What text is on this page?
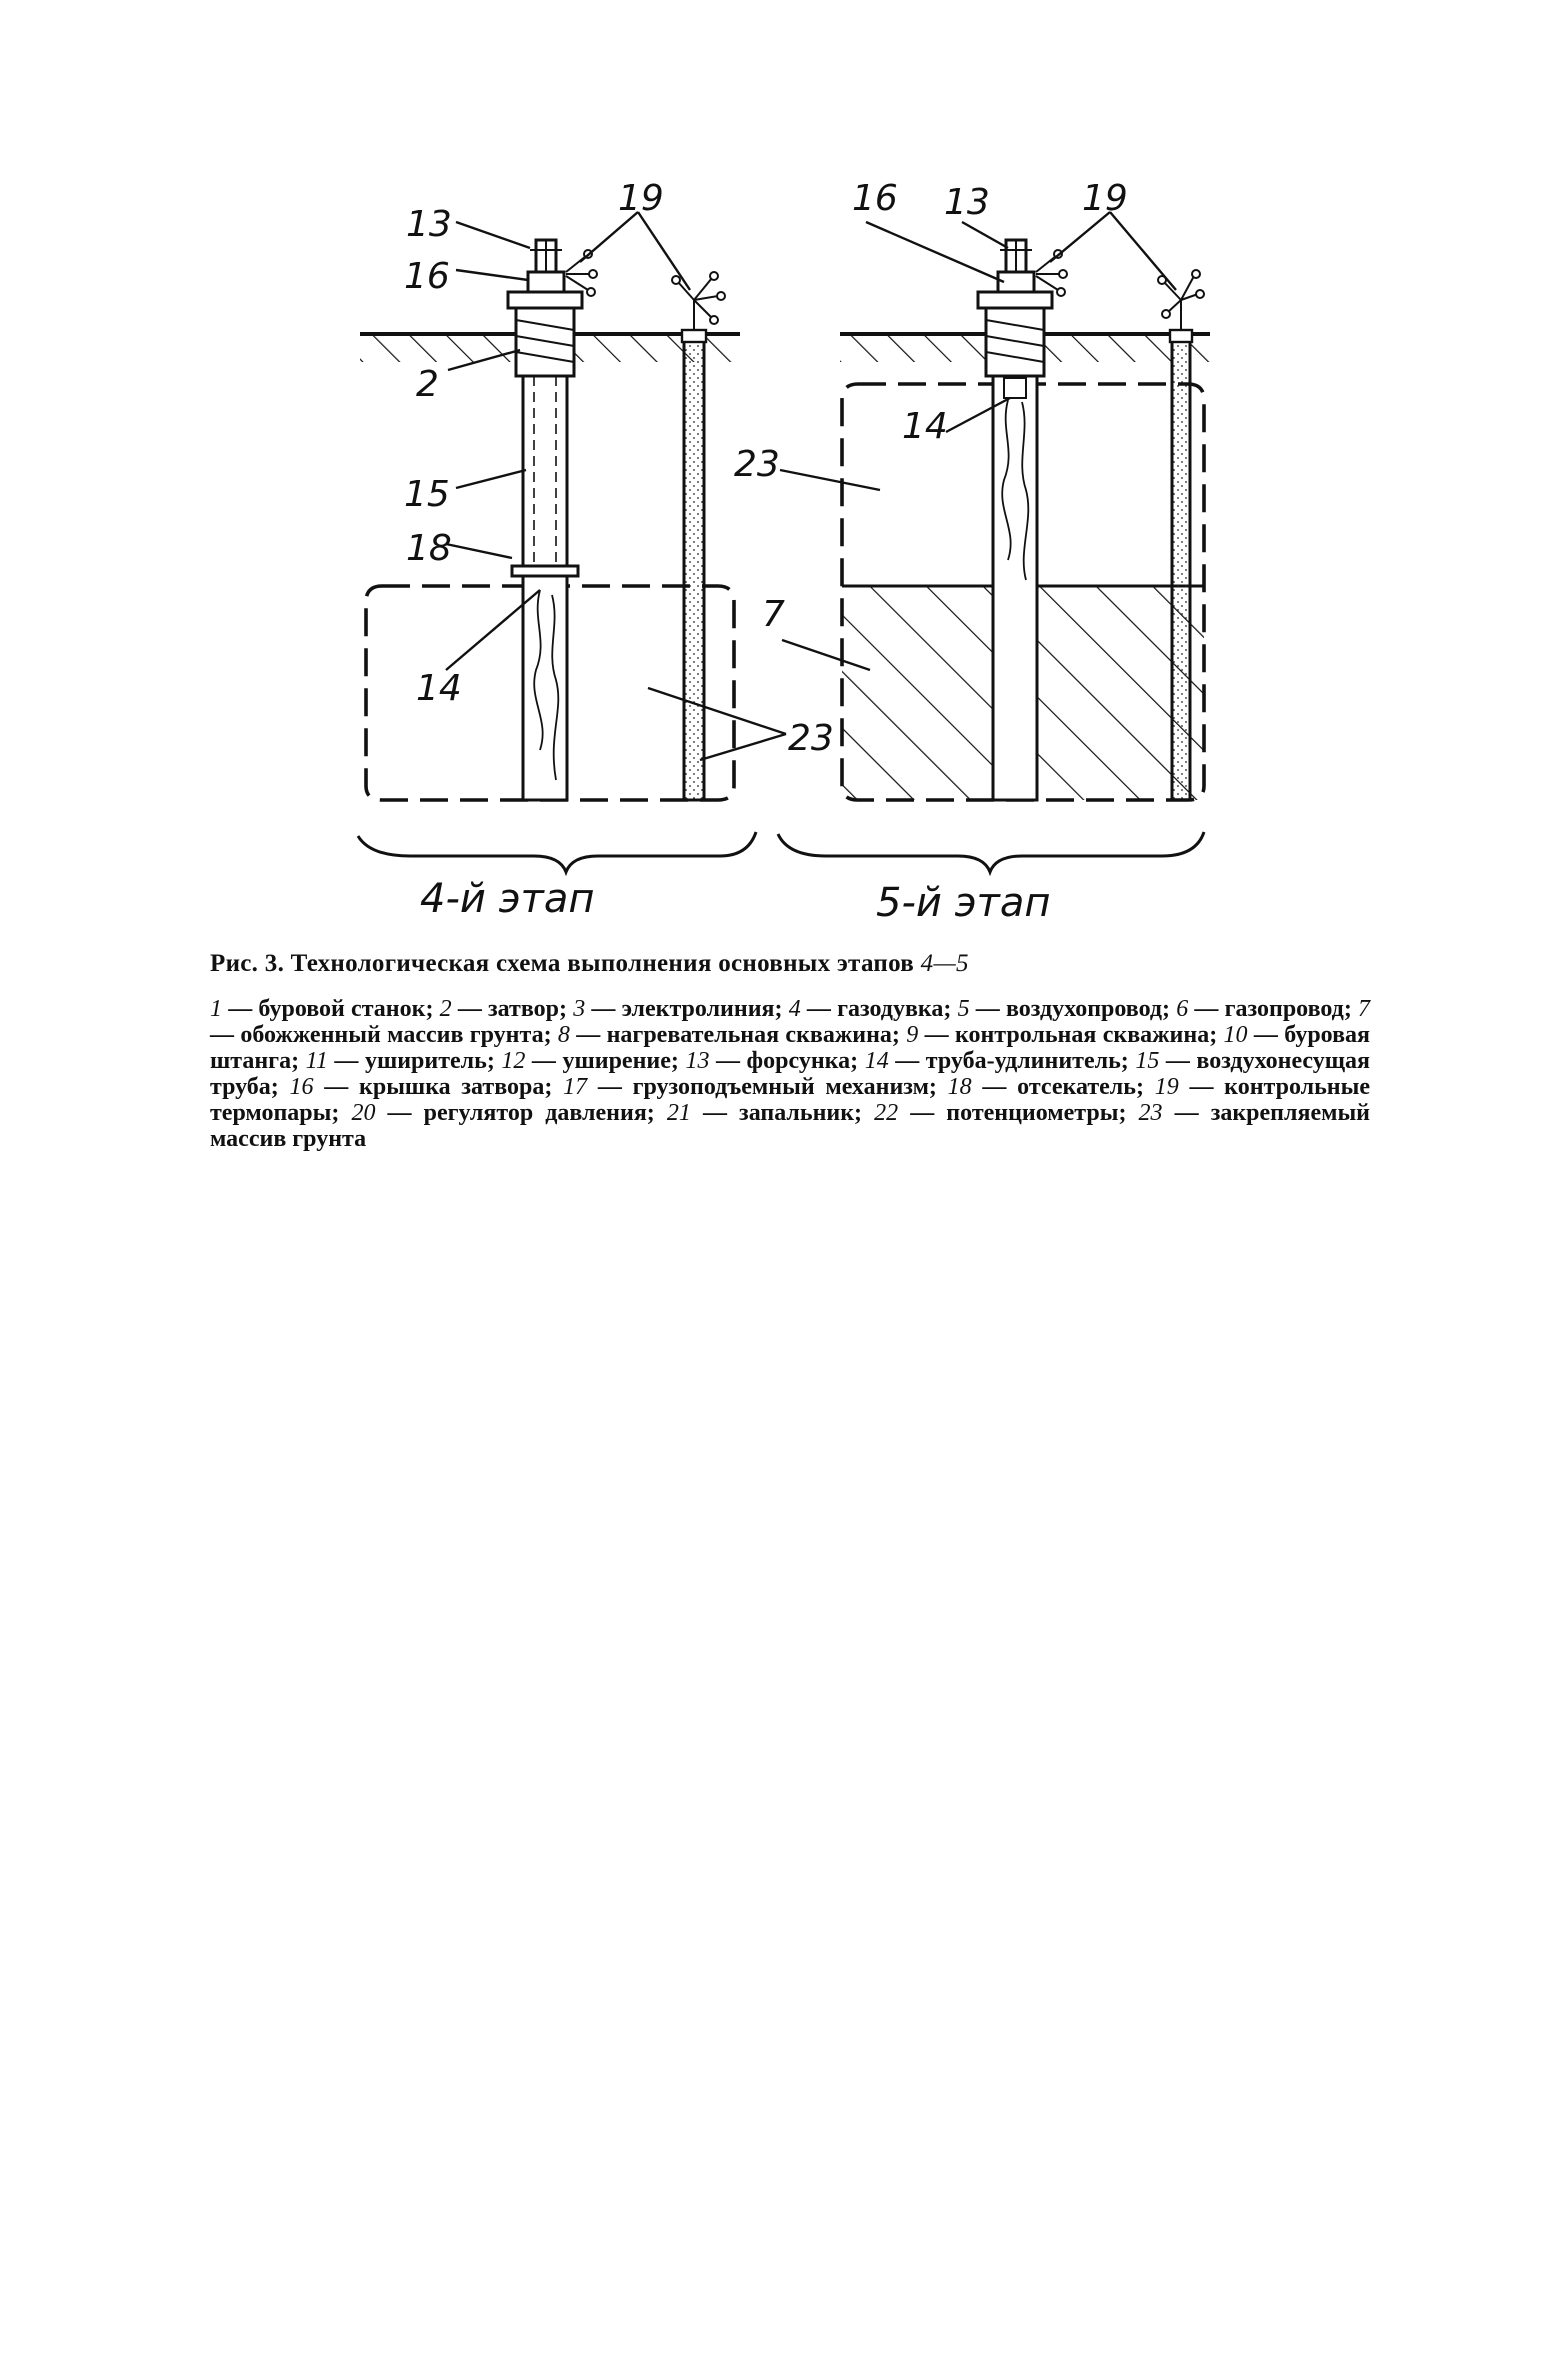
13
16
19
2
15
18
14
23
4-й этап
16 13	19
14
23
7
5-й этап

Рис. 3. Технологическая схема выполнения основных этапов 4—5

1 — буровой станок; 2 — затвор; 3 — электролиния; 4 — газодувка; 5 — воздухопровод; 6 — газопровод; 7 — обожженный массив грунта; 8 — нагревательная скважина; 9 — контрольная скважина; 10 — буровая штанга; 11 — уширитель; 12 — уширение; 13 — форсунка; 14 — труба-удлинитель; 15 — воздухонесущая труба; 16 — крышка затвора; 17 — грузоподъемный механизм; 18 — отсекатель; 19 — контрольные термопары; 20 — регулятор давления; 21 — запальник; 22 — потенциометры; 23 — закрепляемый массив грунта
